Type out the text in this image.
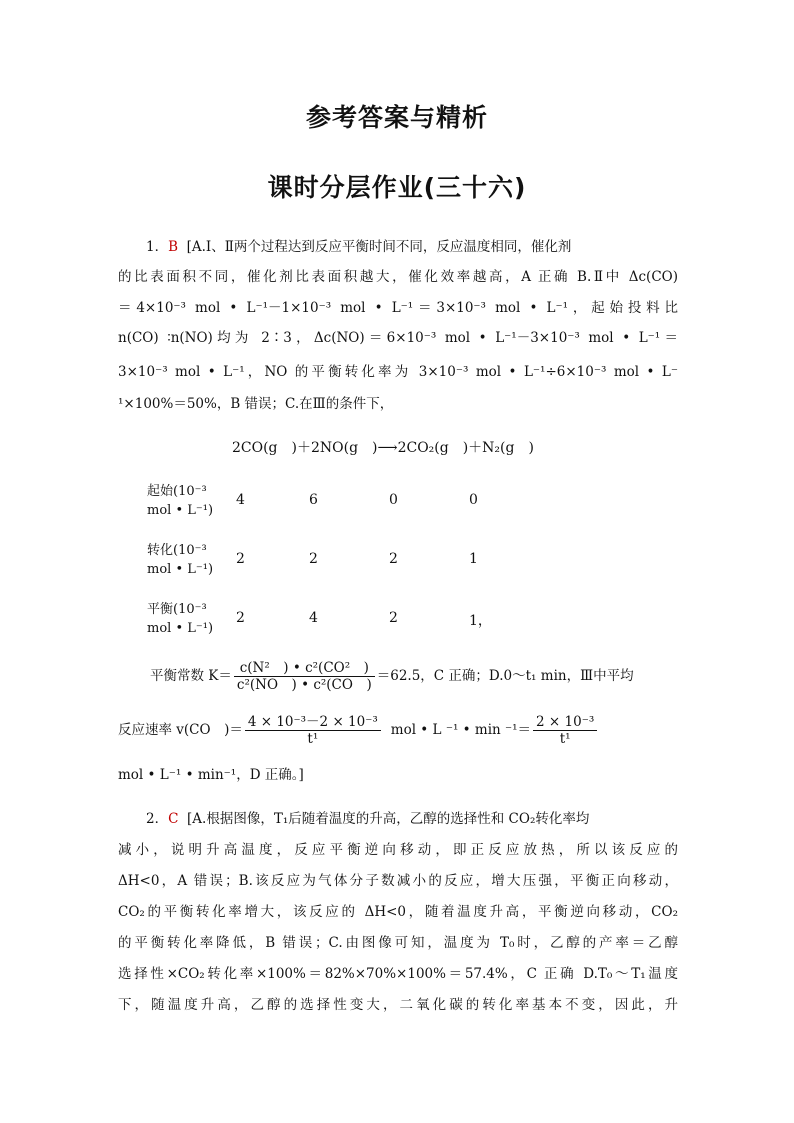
参考答案与精析
课时分层作业(三十六)
1．B [A.Ⅰ、Ⅱ两个过程达到反应平衡时间不同，反应温度相同，催化剂
的比表面积不同，催化剂比表面积越大，催化效率越高，A 正确 B.Ⅱ中 Δc(CO)
＝4×10⁻³ mol • L⁻¹－1×10⁻³ mol • L⁻¹＝3×10⁻³ mol • L⁻¹，起始投料比
n(CO) ∶n(NO)均为 2∶3，Δc(NO)＝6×10⁻³ mol • L⁻¹－3×10⁻³ mol • L⁻¹＝
3×10⁻³ mol • L⁻¹，NO 的平衡转化率为 3×10⁻³ mol • L⁻¹÷6×10⁻³ mol • L⁻
¹×100%＝50%，B 错误；C.在Ⅲ的条件下，
2CO(g　)＋2NO(g　)⟶2CO₂(g　)＋N₂(g　)
起始(10⁻³
mol • L⁻¹)
4	6	0	0
转化(10⁻³
mol • L⁻¹)
2	2	2	1
平衡(10⁻³
mol • L⁻¹)
2	4	2	1，
平衡常数 $K= \frac{\text{c(N²　) • c²(CO²　)}}{\text{c²(NO　) • c²(CO　)}} =62.5$，C 正确；D.0～t₁ min，Ⅲ中平均
反应速率 v(CO　)＝ $\frac{\text{4 × 10⁻³－2 × 10⁻³}}{\text{t¹}}$ mol • L ⁻¹ • $\min ^{-1}= \frac{\text{2 × 10⁻³}}{\text{t¹}}$
mol • L⁻¹ • min⁻¹，D 正确。]
2．C [A.根据图像，T₁后随着温度的升高，乙醇的选择性和 CO₂转化率均
减小，说明升高温度，反应平衡逆向移动，即正反应放热，所以该反应的
ΔH<0，A 错误；B.该反应为气体分子数减小的反应，增大压强，平衡正向移动，
CO₂的平衡转化率增大，该反应的 ΔH<0，随着温度升高，平衡逆向移动，CO₂
的平衡转化率降低，B 错误；C.由图像可知，温度为 T₀时，乙醇的产率＝乙醇
选择性×CO₂转化率×100%＝82%×70%×100%＝57.4%，C 正确 D.T₀～T₁温度
下，随温度升高，乙醇的选择性变大，二氧化碳的转化率基本不变，因此，升
